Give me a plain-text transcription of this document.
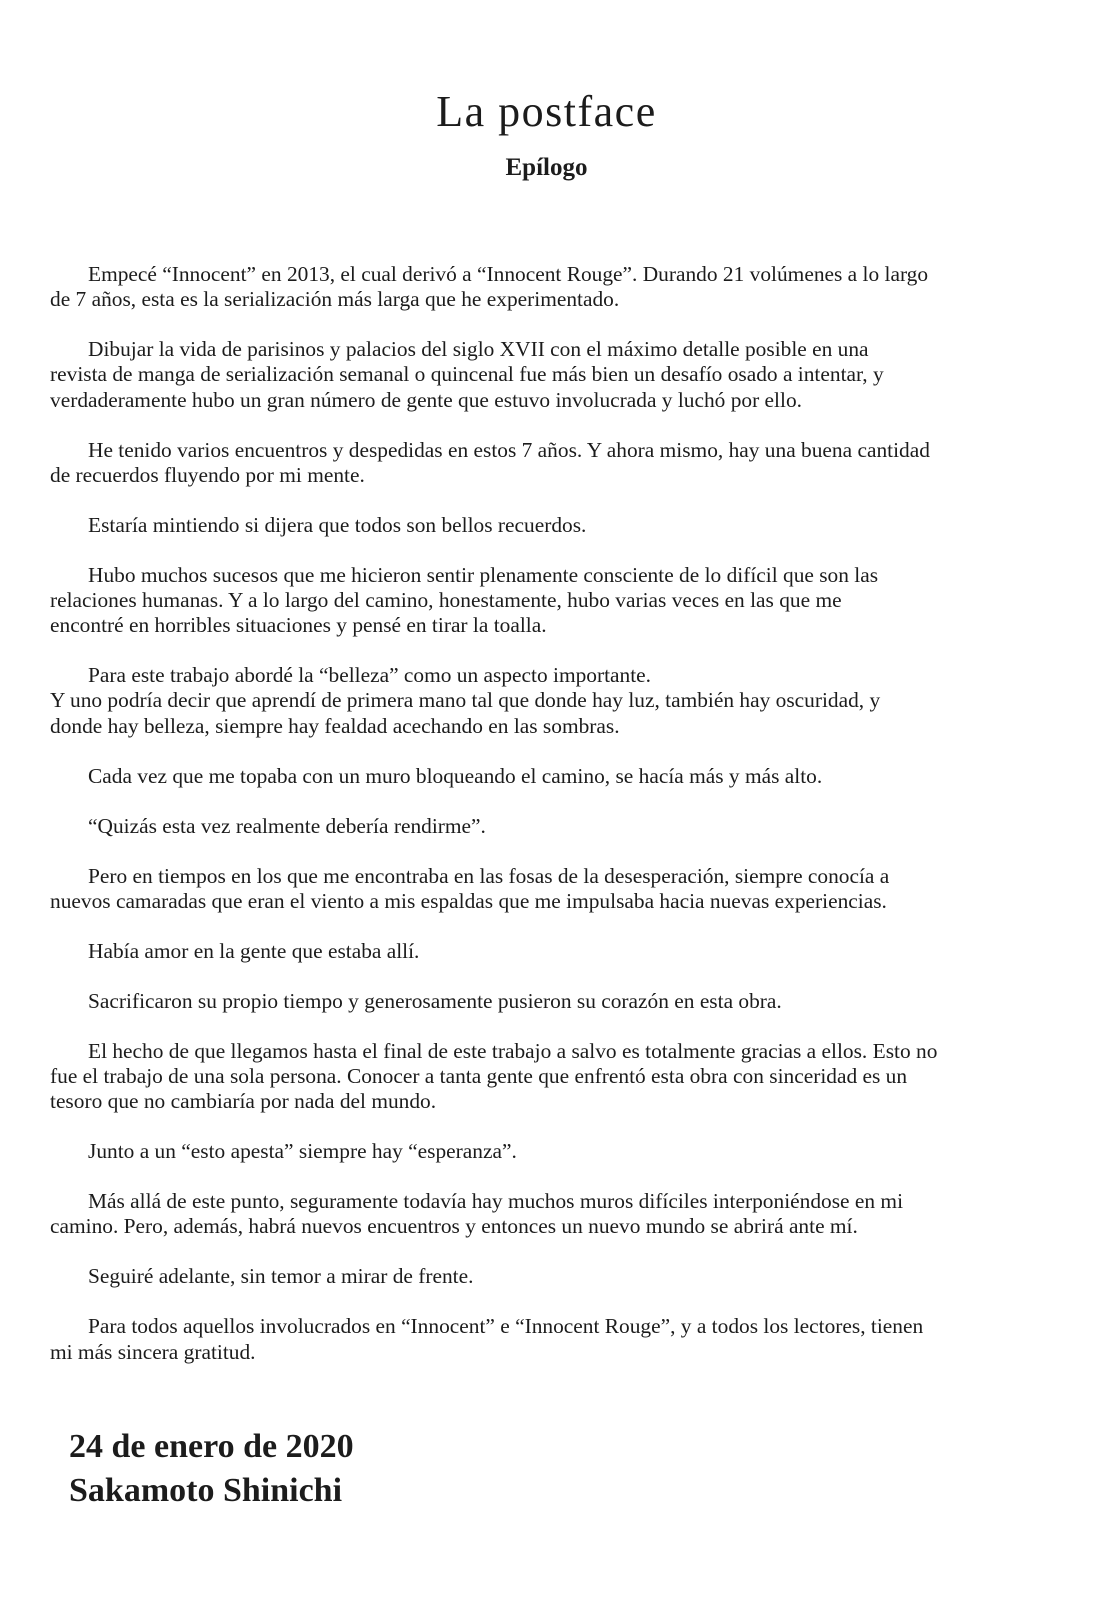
La postface
Epílogo

Empecé “Innocent” en 2013, el cual derivó a “Innocent Rouge”. Durando 21 volúmenes a lo largo
de 7 años, esta es la serialización más larga que he experimentado.

Dibujar la vida de parisinos y palacios del siglo XVII con el máximo detalle posible en una
revista de manga de serialización semanal o quincenal fue más bien un desafío osado a intentar, y
verdaderamente hubo un gran número de gente que estuvo involucrada y luchó por ello.

He tenido varios encuentros y despedidas en estos 7 años. Y ahora mismo, hay una buena cantidad
de recuerdos fluyendo por mi mente.

Estaría mintiendo si dijera que todos son bellos recuerdos.

Hubo muchos sucesos que me hicieron sentir plenamente consciente de lo difícil que son las
relaciones humanas. Y a lo largo del camino, honestamente, hubo varias veces en las que me
encontré en horribles situaciones y pensé en tirar la toalla.

Para este trabajo abordé la “belleza” como un aspecto importante.
Y uno podría decir que aprendí de primera mano tal que donde hay luz, también hay oscuridad, y
donde hay belleza, siempre hay fealdad acechando en las sombras.

Cada vez que me topaba con un muro bloqueando el camino, se hacía más y más alto.

“Quizás esta vez realmente debería rendirme”.

Pero en tiempos en los que me encontraba en las fosas de la desesperación, siempre conocía a
nuevos camaradas que eran el viento a mis espaldas que me impulsaba hacia nuevas experiencias.

Había amor en la gente que estaba allí.

Sacrificaron su propio tiempo y generosamente pusieron su corazón en esta obra.

El hecho de que llegamos hasta el final de este trabajo a salvo es totalmente gracias a ellos. Esto no
fue el trabajo de una sola persona. Conocer a tanta gente que enfrentó esta obra con sinceridad es un
tesoro que no cambiaría por nada del mundo.

Junto a un “esto apesta” siempre hay “esperanza”.

Más allá de este punto, seguramente todavía hay muchos muros difíciles interponiéndose en mi
camino. Pero, además, habrá nuevos encuentros y entonces un nuevo mundo se abrirá ante mí.

Seguiré adelante, sin temor a mirar de frente.

Para todos aquellos involucrados en “Innocent” e “Innocent Rouge”, y a todos los lectores, tienen
mi más sincera gratitud.

24 de enero de 2020
Sakamoto Shinichi
